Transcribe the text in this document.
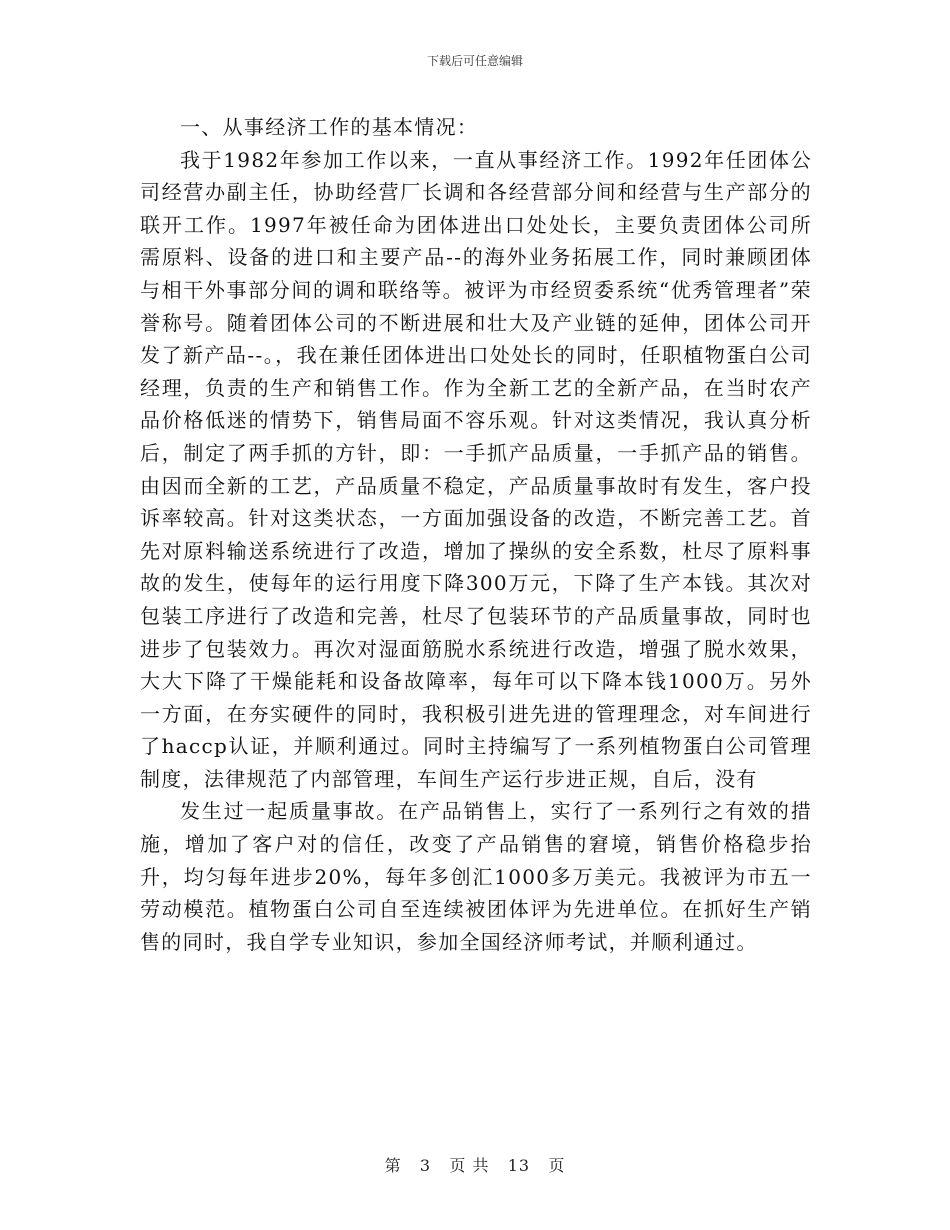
下载后可任意编辑

一、从事经济工作的基本情况：

我于1982年参加工作以来，一直从事经济工作。1992年任团体公司经营办副主任，协助经营厂长调和各经营部分间和经营与生产部分的联开工作。1997年被任命为团体进出口处处长，主要负责团体公司所需原料、设备的进口和主要产品--的海外业务拓展工作，同时兼顾团体与相干外事部分间的调和联络等。被评为市经贸委系统“优秀管理者”荣誉称号。随着团体公司的不断进展和壮大及产业链的延伸，团体公司开发了新产品--。，我在兼任团体进出口处处长的同时，任职植物蛋白公司经理，负责的生产和销售工作。作为全新工艺的全新产品，在当时农产品价格低迷的情势下，销售局面不容乐观。针对这类情况，我认真分析后，制定了两手抓的方针，即：一手抓产品质量，一手抓产品的销售。由因而全新的工艺，产品质量不稳定，产品质量事故时有发生，客户投诉率较高。针对这类状态，一方面加强设备的改造，不断完善工艺。首先对原料输送系统进行了改造，增加了操纵的安全系数，杜尽了原料事故的发生，使每年的运行用度下降300万元，下降了生产本钱。其次对包装工序进行了改造和完善，杜尽了包装环节的产品质量事故，同时也进步了包装效力。再次对湿面筋脱水系统进行改造，增强了脱水效果，大大下降了干燥能耗和设备故障率，每年可以下降本钱1000万。另外一方面，在夯实硬件的同时，我积极引进先进的管理理念，对车间进行了haccp认证，并顺利通过。同时主持编写了一系列植物蛋白公司管理制度，法律规范了内部管理，车间生产运行步进正规，自后，没有

发生过一起质量事故。在产品销售上，实行了一系列行之有效的措施，增加了客户对的信任，改变了产品销售的窘境，销售价格稳步抬升，均匀每年进步20%，每年多创汇1000多万美元。我被评为市五一劳动模范。植物蛋白公司自至连续被团体评为先进单位。在抓好生产销售的同时，我自学专业知识，参加全国经济师考试，并顺利通过。

第 3 页 共 13 页
